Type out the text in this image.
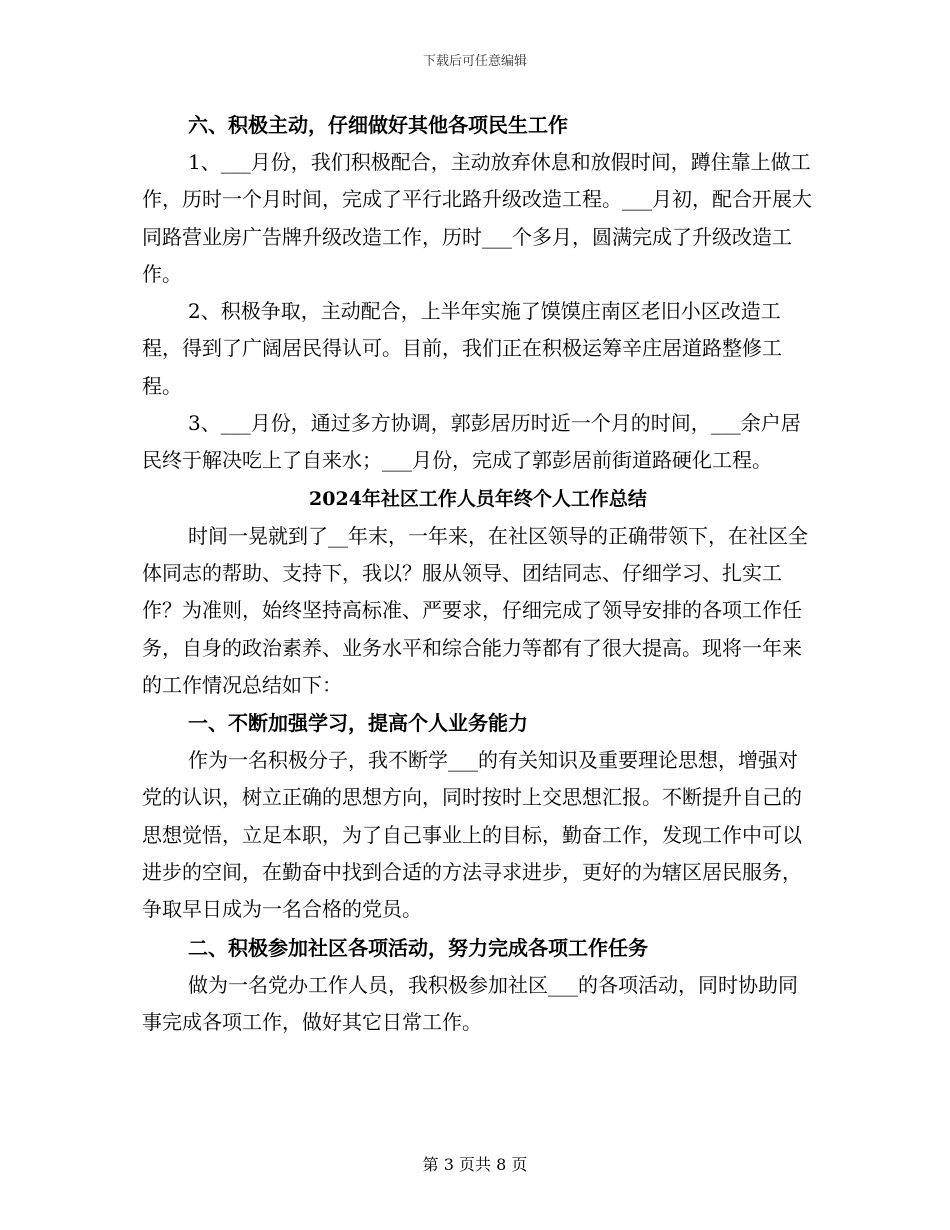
下载后可任意编辑

六、积极主动，仔细做好其他各项民生工作

1、___月份，我们积极配合，主动放弃休息和放假时间，蹲住靠上做工作，历时一个月时间，完成了平行北路升级改造工程。___月初，配合开展大同路营业房广告牌升级改造工作，历时___个多月，圆满完成了升级改造工作。

2、积极争取，主动配合，上半年实施了馍馍庄南区老旧小区改造工程，得到了广阔居民得认可。目前，我们正在积极运筹辛庄居道路整修工程。

3、___月份，通过多方协调，郭彭居历时近一个月的时间，___余户居民终于解决吃上了自来水；___月份，完成了郭彭居前街道路硬化工程。

2024年社区工作人员年终个人工作总结

时间一晃就到了__年末，一年来，在社区领导的正确带领下，在社区全体同志的帮助、支持下，我以？服从领导、团结同志、仔细学习、扎实工作？为准则，始终坚持高标准、严要求，仔细完成了领导安排的各项工作任务，自身的政治素养、业务水平和综合能力等都有了很大提高。现将一年来的工作情况总结如下：

一、不断加强学习，提高个人业务能力

作为一名积极分子，我不断学___的有关知识及重要理论思想，增强对党的认识，树立正确的思想方向，同时按时上交思想汇报。不断提升自己的思想觉悟，立足本职，为了自己事业上的目标，勤奋工作，发现工作中可以进步的空间，在勤奋中找到合适的方法寻求进步，更好的为辖区居民服务，争取早日成为一名合格的党员。

二、积极参加社区各项活动，努力完成各项工作任务

做为一名党办工作人员，我积极参加社区___的各项活动，同时协助同事完成各项工作，做好其它日常工作。

第 3 页共 8 页
